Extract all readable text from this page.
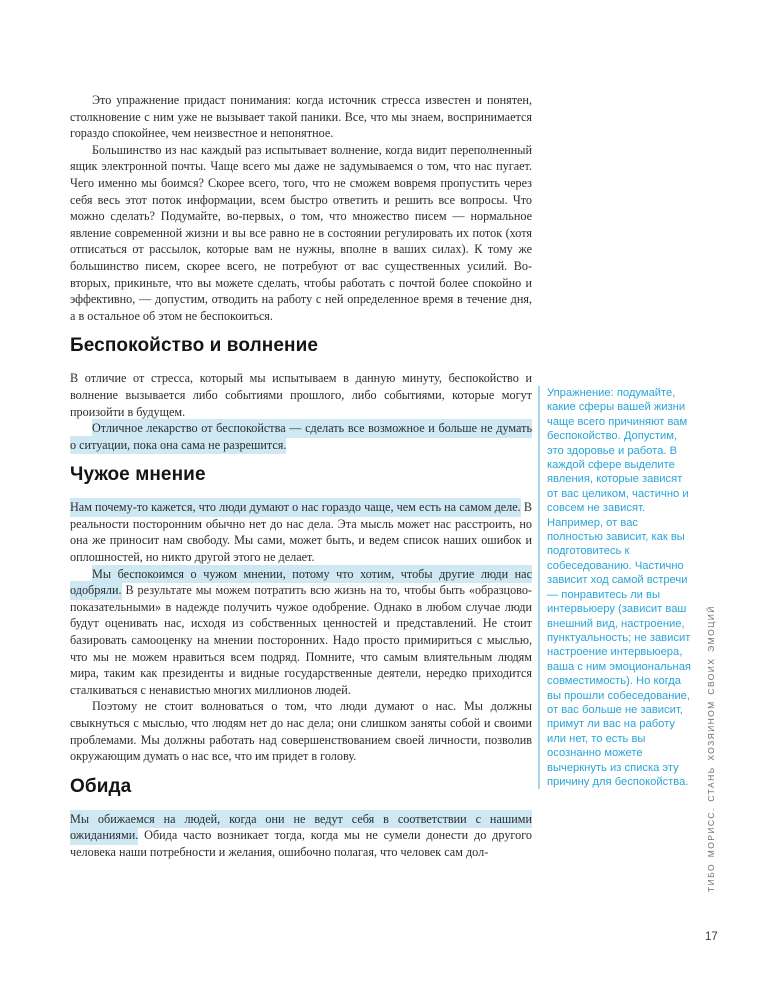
Это упражнение придаст понимания: когда источник стресса известен и понятен, столкновение с ним уже не вызывает такой паники. Все, что мы знаем, воспринимается гораздо спокойнее, чем неизвестное и непонятное.

Большинство из нас каждый раз испытывает волнение, когда видит переполненный ящик электронной почты. Чаще всего мы даже не задумываемся о том, что нас пугает. Чего именно мы боимся? Скорее всего, того, что не сможем вовремя пропустить через себя весь этот поток информации, всем быстро ответить и решить все вопросы. Что можно сделать? Подумайте, во-первых, о том, что множество писем — нормальное явление современной жизни и вы все равно не в состоянии регулировать их поток (хотя отписаться от рассылок, которые вам не нужны, вполне в ваших силах). К тому же большинство писем, скорее всего, не потребуют от вас существенных усилий. Во-вторых, прикиньте, что вы можете сделать, чтобы работать с почтой более спокойно и эффективно, — допустим, отводить на работу с ней определенное время в течение дня, а в остальное об этом не беспокоиться.

Беспокойство и волнение

В отличие от стресса, который мы испытываем в данную минуту, беспокойство и волнение вызывается либо событиями прошлого, либо событиями, которые могут произойти в будущем.

Отличное лекарство от беспокойства — сделать все возможное и больше не думать о ситуации, пока она сама не разрешится.

Чужое мнение

Нам почему-то кажется, что люди думают о нас гораздо чаще, чем есть на самом деле. В реальности посторонним обычно нет до нас дела. Эта мысль может нас расстроить, но она же приносит нам свободу. Мы сами, может быть, и ведем список наших ошибок и оплошностей, но никто другой этого не делает.

Мы беспокоимся о чужом мнении, потому что хотим, чтобы другие люди нас одобряли. В результате мы можем потратить всю жизнь на то, чтобы быть «образцово-показательными» в надежде получить чужое одобрение. Однако в любом случае люди будут оценивать нас, исходя из собственных ценностей и представлений. Не стоит базировать самооценку на мнении посторонних. Надо просто примириться с мыслью, что мы не можем нравиться всем подряд. Помните, что самым влиятельным людям мира, таким как президенты и видные государственные деятели, нередко приходится сталкиваться с ненавистью многих миллионов людей.

Поэтому не стоит волноваться о том, что люди думают о нас. Мы должны свыкнуться с мыслью, что людям нет до нас дела; они слишком заняты собой и своими проблемами. Мы должны работать над совершенствованием своей личности, позволив окружающим думать о нас все, что им придет в голову.

Обида

Мы обижаемся на людей, когда они не ведут себя в соответствии с нашими ожиданиями. Обида часто возникает тогда, когда мы не сумели донести до другого человека наши потребности и желания, ошибочно полагая, что человек сам дол-

Упражнение: подумайте, какие сферы вашей жизни чаще всего причиняют вам беспокойство. Допустим, это здоровье и работа. В каждой сфере выделите явления, которые зависят от вас целиком, частично и совсем не зависят. Например, от вас полностью зависит, как вы подготовитесь к собеседованию. Частично зависит ход самой встречи — понравитесь ли вы интервьюеру (зависит ваш внешний вид, настроение, пунктуальность; не зависит настроение интервьюера, ваша с ним эмоциональная совместимость). Но когда вы прошли собеседование, от вас больше не зависит, примут ли вас на работу или нет, то есть вы осознанно можете вычеркнуть из списка эту причину для беспокойства.	ТИБО МОРИСС. СТАНЬ ХОЗЯИНОМ СВОИХ ЭМОЦИЙ
17
